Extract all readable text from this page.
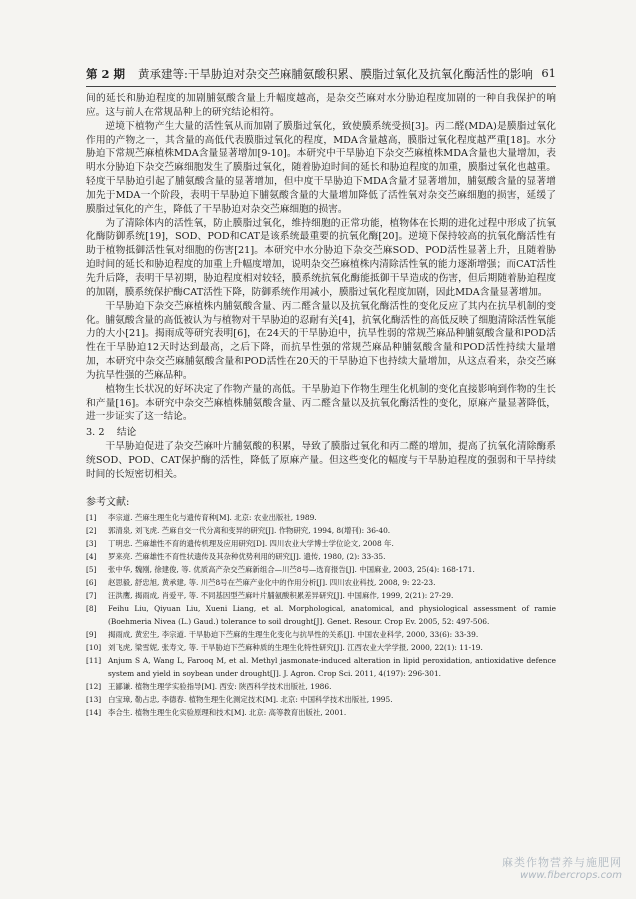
第 2 期 黄承建等:干旱胁迫对杂交苎麻脯氨酸积累、膜脂过氧化及抗氧化酶活性的影响 61

间的延长和胁迫程度的加剧脯氨酸含量上升幅度越高，是杂交苎麻对水分胁迫程度加剧的一种自我保护的响应。这与前人在常规品种上的研究结论相符。

逆境下植物产生大量的活性氧从而加剧了膜脂过氧化，致使膜系统受损[3]。丙二醛(MDA)是膜脂过氧化作用的产物之一，其含量的高低代表膜脂过氧化的程度，MDA含量越高，膜脂过氧化程度越严重[18]。水分胁迫下常规苎麻植株MDA含量显著增加[9-10]。本研究中干旱胁迫下杂交苎麻植株MDA含量也大量增加，表明水分胁迫下杂交苎麻细胞发生了膜脂过氧化，随着胁迫时间的延长和胁迫程度的加重，膜脂过氧化也越重。轻度干旱胁迫引起了脯氨酸含量的显著增加，但中度干旱胁迫下MDA含量才显著增加，脯氨酸含量的显著增加先于MDA一个阶段，表明干旱胁迫下脯氨酸含量的大量增加降低了活性氧对杂交苎麻细胞的损害，延缓了膜脂过氧化的产生，降低了干旱胁迫对杂交苎麻细胞的损害。

为了清除体内的活性氧，防止膜脂过氧化，维持细胞的正常功能，植物体在长期的进化过程中形成了抗氧化酶防御系统[19]，SOD、POD和CAT是该系统最重要的抗氧化酶[20]。逆境下保持较高的抗氧化酶活性有助于植物抵御活性氧对细胞的伤害[21]。本研究中水分胁迫下杂交苎麻SOD、POD活性显著上升，且随着胁迫时间的延长和胁迫程度的加重上升幅度增加，说明杂交苎麻植株内清除活性氧的能力逐渐增强；而CAT活性先升后降，表明干旱初期，胁迫程度相对较轻，膜系统抗氧化酶能抵御干旱造成的伤害，但后期随着胁迫程度的加剧，膜系统保护酶CAT活性下降，防御系统作用减小，膜脂过氧化程度加剧，因此MDA含量显著增加。

干旱胁迫下杂交苎麻植株内脯氨酸含量、丙二醛含量以及抗氧化酶活性的变化反应了其内在抗旱机制的变化。脯氨酸含量的高低被认为与植物对干旱胁迫的忍耐有关[4]，抗氧化酶活性的高低反映了细胞清除活性氧能力的大小[21]。揭雨成等研究表明[6]，在24天的干旱胁迫中，抗旱性弱的常规苎麻品种脯氨酸含量和POD活性在干旱胁迫12天时达到最高，之后下降，而抗旱性强的常规苎麻品种脯氨酸含量和POD活性持续大量增加，本研究中杂交苎麻脯氨酸含量和POD活性在20天的干旱胁迫下也持续大量增加，从这点看来，杂交苎麻为抗旱性强的苎麻品种。

植物生长状况的好坏决定了作物产量的高低。干旱胁迫下作物生理生化机制的变化直接影响到作物的生长和产量[16]。本研究中杂交苎麻植株脯氨酸含量、丙二醛含量以及抗氧化酶活性的变化，原麻产量显著降低，进一步证实了这一结论。

3. 2 结论

干旱胁迫促进了杂交苎麻叶片脯氨酸的积累，导致了膜脂过氧化和丙二醛的增加，提高了抗氧化清除酶系统SOD、POD、CAT保护酶的活性，降低了原麻产量。但这些变化的幅度与干旱胁迫程度的强弱和干旱持续时间的长短密切相关。

参考文献:
[1]	李宗道. 苎麻生理生化与遗传育种[M]. 北京: 农业出版社, 1989.
[2]	郭清泉, 刘飞虎. 苎麻自交一代分离和变异的研究[J]. 作物研究, 1994, 8(增刊): 36-40.
[3]	丁明忠. 苎麻雄性不育的遗传机理及应用研究[D]. 四川农业大学博士学位论文, 2008 年.
[4]	罗来亮. 苎麻雄性不育性状遗传及其杂种优势利用的研究[J]. 遗传, 1980, (2): 33-35.
[5]	张中华, 魏刚, 徐建俊, 等. 优质高产杂交苎麻新组合—川苎8号—选育报告[J]. 中国麻业, 2003, 25(4): 168-171.
[6]	赵思毅, 舒忠旭, 黄承建, 等. 川苎8号在苎麻产业化中的作用分析[J]. 四川农业科技, 2008, 9: 22-23.
[7]	汪洪鹰, 揭雨成, 肖爱平, 等. 不同基因型苎麻叶片脯氨酸积累差异研究[J]. 中国麻作, 1999, 2(21): 27-29.
[8]	Feihu Liu, Qiyuan Liu, Xueni Liang, et al. Morphological, anatomical, and physiological assessment of ramie (Boehmeria Nivea (L.) Gaud.) tolerance to soil drought[J]. Genet. Resour. Crop Ev. 2005, 52: 497-506.
[9]	揭雨成, 黄宏生, 李宗道. 干旱胁迫下苎麻的生理生化变化与抗旱性的关系[J]. 中国农业科学, 2000, 33(6): 33-39.
[10] 刘飞虎, 梁雪妮, 张寿文, 等. 干旱胁迫下苎麻种质的生理生化特性研究[J]. 江西农业大学学报, 2000, 22(1): 11-19.
[11] Anjum S A, Wang L, Farooq M, et al. Methyl jasmonate-induced alteration in lipid peroxidation, antioxidative defence system and yield in soybean under drought[J]. J. Agron. Crop Sci. 2011, 4(197): 296-301.
[12] 王鄙谦. 植物生理学实验指导[M]. 西安: 陕西科学技术出版社, 1986.
[13] 白宝璋, 勒占忠, 李德春. 植物生理生化测定技术[M]. 北京: 中国科学技术出版社, 1995.
[14] 李合生. 植物生理生化实验原理和技术[M]. 北京: 高等教育出版社, 2001.
麻类作物营养与施肥网
www.fibercrops.com
